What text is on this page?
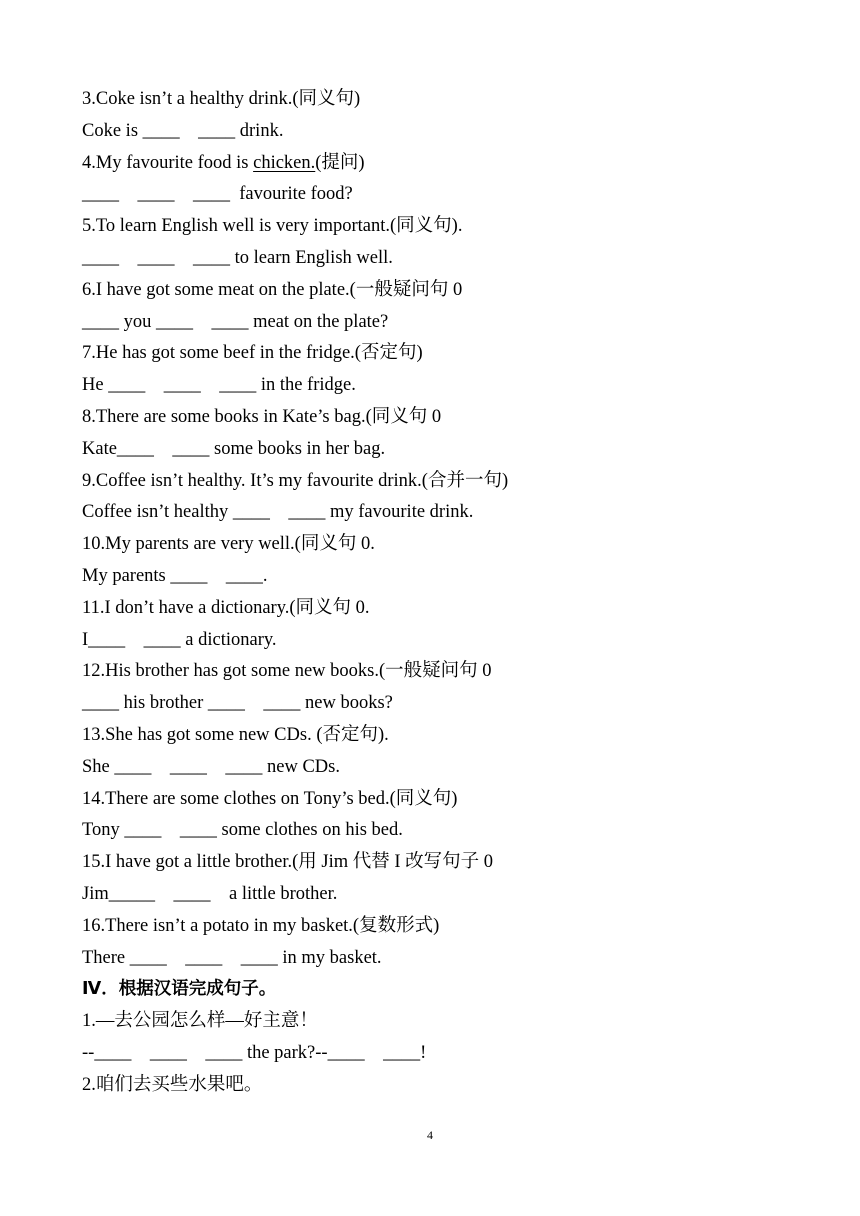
3.Coke isn’t a healthy drink.(同义句)
Coke is ____    ____ drink.
4.My favourite food is chicken.(提问)
____    ____    ____  favourite food?
5.To learn English well is very important.(同义句).
____    ____    ____ to learn English well.
6.I have got some meat on the plate.(一般疑问句 0
____ you ____    ____ meat on the plate?
7.He has got some beef in the fridge.(否定句)
He ____    ____    ____ in the fridge.
8.There are some books in Kate’s bag.(同义句 0
Kate____    ____ some books in her bag.
9.Coffee isn’t healthy. It’s my favourite drink.(合并一句)
Coffee isn’t healthy ____    ____ my favourite drink.
10.My parents are very well.(同义句 0.
My parents ____    ____.
11.I don’t have a dictionary.(同义句 0.
I____    ____ a dictionary.
12.His brother has got some new books.(一般疑问句 0
____ his brother ____    ____ new books?
13.She has got some new CDs. (否定句).
She ____    ____    ____ new CDs.
14.There are some clothes on Tony’s bed.(同义句)
Tony ____    ____ some clothes on his bed.
15.I have got a little brother.(用 Jim 代替 I 改写句子 0
Jim_____    ____    a little brother.
16.There isn’t a potato in my basket.(复数形式)
There ____    ____    ____ in my basket.
Ⅳ．根据汉语完成句子。
1.—去公园怎么样—好主意！
--____    ____    ____ the park?--____    ____!
2.咱们去买些水果吧。
4
